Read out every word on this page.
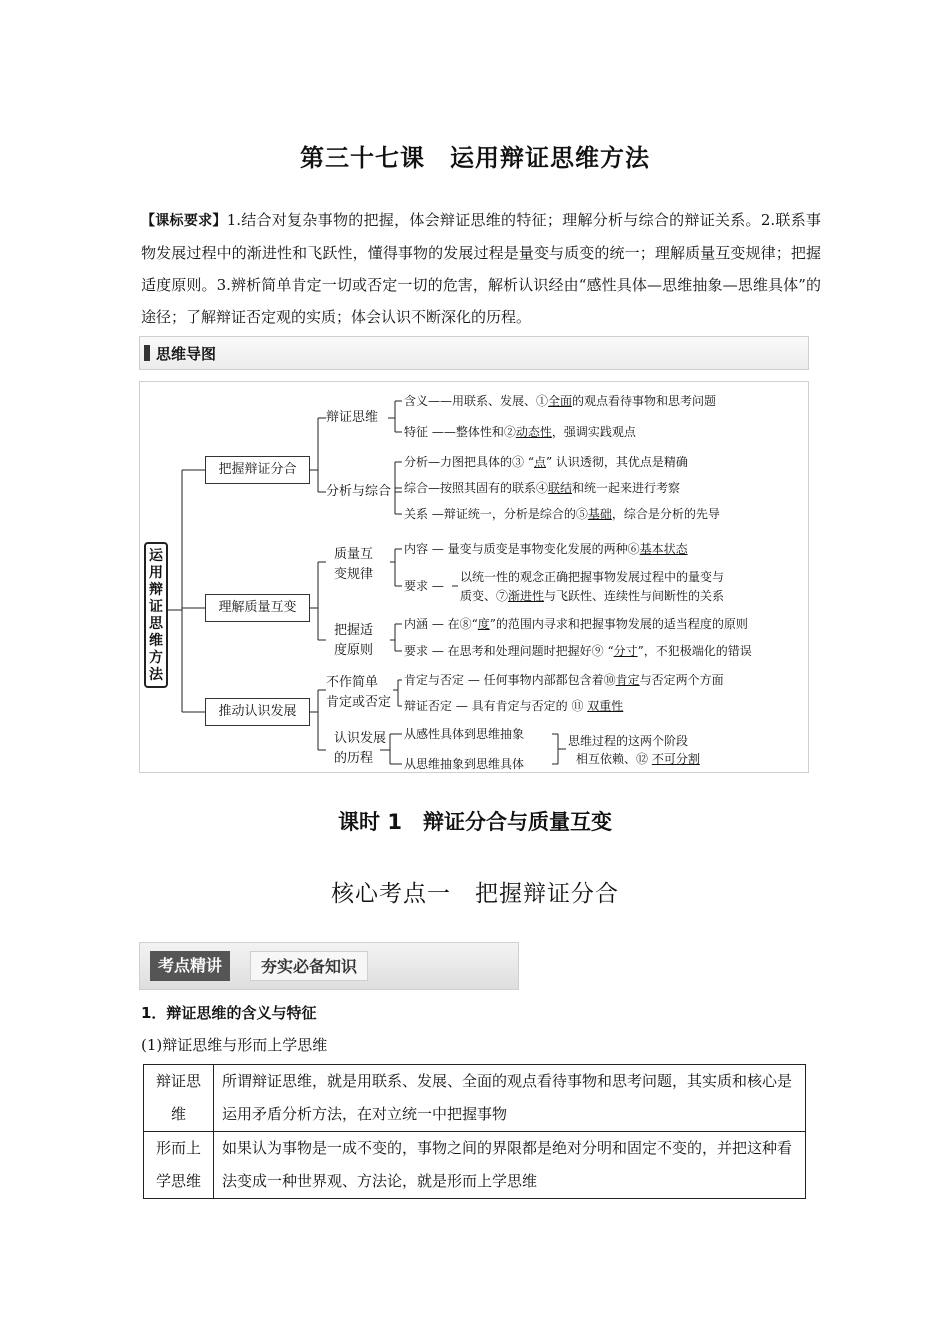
第三十七课　运用辩证思维方法
【课标要求】1.结合对复杂事物的把握，体会辩证思维的特征；理解分析与综合的辩证关系。2.联系事物发展过程中的渐进性和飞跃性，懂得事物的发展过程是量变与质变的统一；理解质量互变规律；把握适度原则。3.辨析简单肯定一切或否定一切的危害，解析认识经由“感性具体—思维抽象—思维具体”的途径；了解辩证否定观的实质；体会认识不断深化的历程。
思维导图
运用辩证思维方法
把握辩证分合
理解质量互变
推动认识发展
辩证思维
分析与综合
质量互
变规律
把握适
度原则
不作简单
肯定或否定
认识发展
的历程
含义——用联系、发展、①全面的观点看待事物和思考问题
特征 ——整体性和②动态性，强调实践观点
分析—力图把具体的③ “点” 认识透彻，其优点是精确
综合—按照其固有的联系④联结和统一起来进行考察
关系 —辩证统一，分析是综合的⑤基础，综合是分析的先导
内容 — 量变与质变是事物变化发展的两种⑥基本状态
要求 —
以统一性的观念正确把握事物发展过程中的量变与
质变、⑦渐进性与飞跃性、连续性与间断性的关系
内涵 — 在⑧“度”的范围内寻求和把握事物发展的适当程度的原则
要求 — 在思考和处理问题时把握好⑨ “分寸”，不犯极端化的错误
肯定与否定 — 任何事物内部都包含着⑩肯定与否定两个方面
辩证否定 — 具有肯定与否定的 ⑪ 双重性
从感性具体到思维抽象
从思维抽象到思维具体
思维过程的这两个阶段
相互依赖、⑫ 不可分割
课时 1　辩证分合与质量互变
核心考点一　把握辩证分合
考点精讲	夯实必备知识
1．辩证思维的含义与特征
(1)辩证思维与形而上学思维
辩证思维	所谓辩证思维，就是用联系、发展、全面的观点看待事物和思考问题，其实质和核心是运用矛盾分析方法，在对立统一中把握事物
形而上学思维	如果认为事物是一成不变的，事物之间的界限都是绝对分明和固定不变的，并把这种看法变成一种世界观、方法论，就是形而上学思维
